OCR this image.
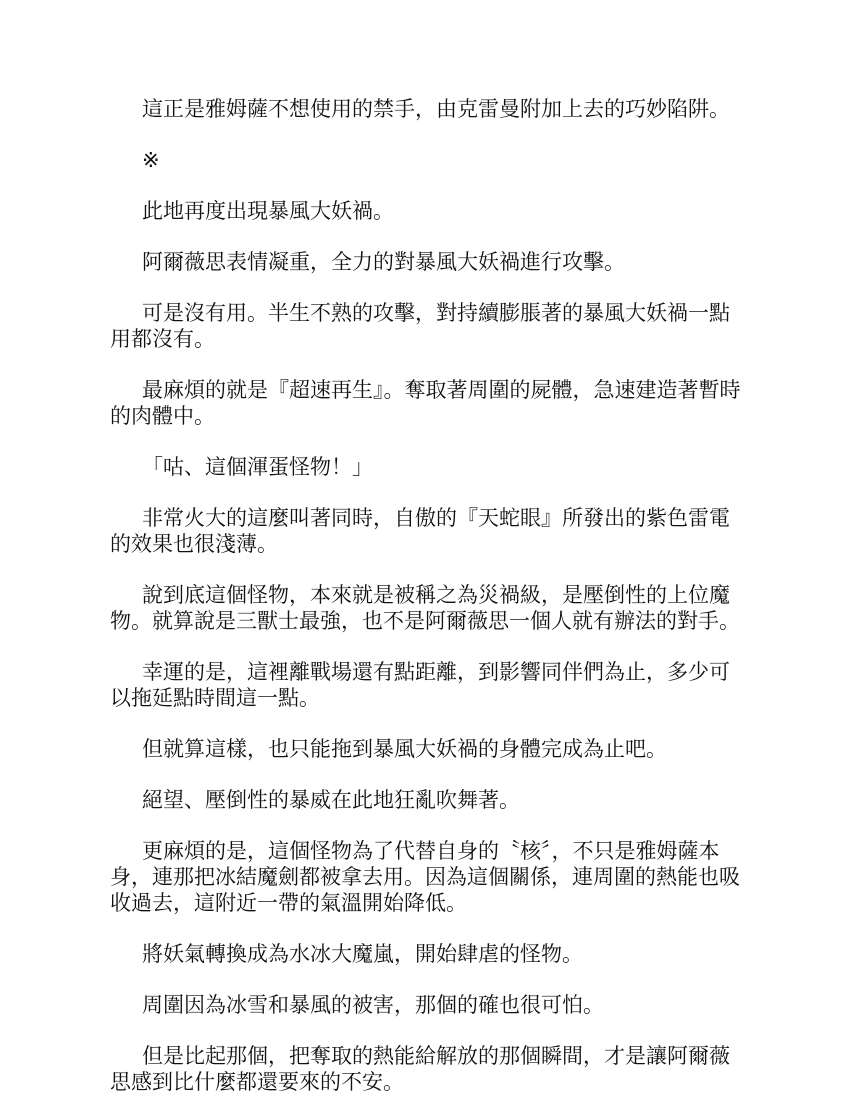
這正是雅姆薩不想使用的禁手，由克雷曼附加上去的巧妙陷阱。

※

此地再度出現暴風大妖禍。

阿爾薇思表情凝重，全力的對暴風大妖禍進行攻擊。

可是沒有用。半生不熟的攻擊，對持續膨脹著的暴風大妖禍一點用都沒有。

最麻煩的就是『超速再生』。奪取著周圍的屍體，急速建造著暫時的肉體中。

「咕、這個渾蛋怪物！」

非常火大的這麼叫著同時，自傲的『天蛇眼』所發出的紫色雷電的效果也很淺薄。

說到底這個怪物，本來就是被稱之為災禍級，是壓倒性的上位魔物。就算說是三獸士最強，也不是阿爾薇思一個人就有辦法的對手。

幸運的是，這裡離戰場還有點距離，到影響同伴們為止，多少可以拖延點時間這一點。

但就算這樣，也只能拖到暴風大妖禍的身體完成為止吧。

絕望、壓倒性的暴威在此地狂亂吹舞著。

更麻煩的是，這個怪物為了代替自身的〝核〞，不只是雅姆薩本身，連那把冰結魔劍都被拿去用。因為這個關係，連周圍的熱能也吸收過去，這附近一帶的氣溫開始降低。

將妖氣轉換成為水冰大魔嵐，開始肆虐的怪物。

周圍因為冰雪和暴風的被害，那個的確也很可怕。

但是比起那個，把奪取的熱能給解放的那個瞬間，才是讓阿爾薇思感到比什麼都還要來的不安。
